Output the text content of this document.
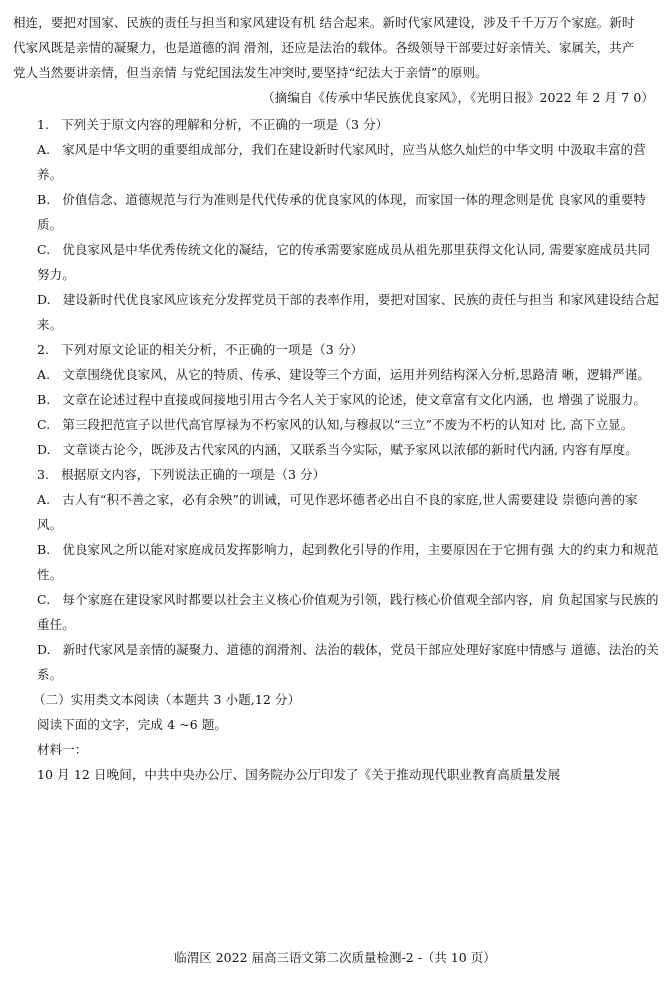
相连，要把对国家、民族的责任与担当和家风建设有机 结合起来。新时代家风建设，涉及千千万万个家庭。新时

代家风既是亲情的凝聚力，也是道德的润 滑剂，还应是法治的载体。各级领导干部要过好亲情关、家属关，共产

党人当然要讲亲情，但当亲情 与党纪国法发生冲突时,要坚持“纪法大于亲情”的原则。

（摘编自《传承中华民族优良家风》，《光明日报》2022 年 2 月 7 0）

1. 下列关于原文内容的理解和分析，不正确的一项是（3 分）

A. 家风是中华文明的重要组成部分，我们在建设新时代家风时，应当从悠久灿烂的中华文明 中汲取丰富的营养。

B. 价值信念、道德规范与行为准则是代代传承的优良家风的体现，而家国一体的理念则是优 良家风的重要特质。

C. 优良家风是中华优秀传统文化的凝结，它的传承需要家庭成员从祖先那里获得文化认同, 需要家庭成员共同努力。

D. 建设新时代优良家风应该充分发挥党员干部的表率作用，要把对国家、民族的责任与担当 和家风建设结合起来。

2. 下列对原文论证的相关分析，不正确的一项是（3 分）

A. 文章围绕优良家风，从它的特质、传承、建设等三个方面，运用并列结构深入分析,思路清 晰，逻辑严谨。

B. 文章在论述过程中直接或间接地引用古今名人关于家风的论述，使文章富有文化内涵，也 增强了说服力。

C. 第三段把范宣子以世代高官厚禄为不朽家风的认知,与穆叔以“三立”不废为不朽的认知对 比, 高下立显。

D. 文章谈古论今，既涉及古代家风的内涵，又联系当今实际，赋予家风以浓郁的新时代内涵, 内容有厚度。

3. 根据原文内容，下列说法正确的一项是（3 分）

A. 古人有“积不善之家，必有余殃”的训诫，可见作恶坏德者必出自不良的家庭,世人需要建设 崇德向善的家风。

B. 优良家风之所以能对家庭成员发挥影响力，起到教化引导的作用，主要原因在于它拥有强 大的约束力和规范性。

C. 每个家庭在建设家风时都要以社会主义核心价值观为引领，践行核心价值观全部内容，肩 负起国家与民族的重任。

D. 新时代家风是亲情的凝聚力、道德的润滑剂、法治的载体，党员干部应处理好家庭中情感与 道德、法治的关系。

（二）实用类文本阅读（本题共 3 小题,12 分）

阅读下面的文字，完成 4 ~6 题。

材料一：

10 月 12 日晚间，中共中央办公厅、国务院办公厅印发了《关于推动现代职业教育高质量发展

临渭区 2022 届高三语文第二次质量检测-2 -（共 10 页）
